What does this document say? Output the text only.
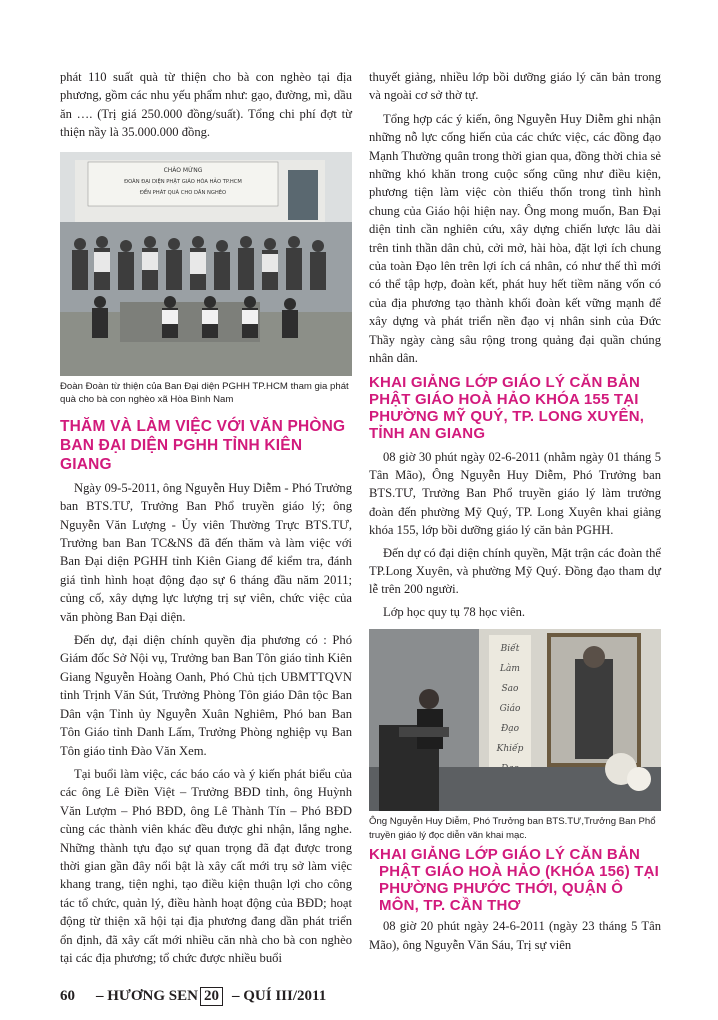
phát 110 suất quà từ thiện cho bà con nghèo tại địa phương, gồm các nhu yếu phẩm như: gạo, đường, mì, dầu ăn …. (Trị giá 250.000 đồng/suất). Tổng chi phí đợt từ thiện nầy là 35.000.000 đồng.

CHÀO MỪNG
ĐOÀN ĐẠI DIỆN PHẬT GIÁO HÒA HẢO TP.HCM
ĐẾN PHÁT QUÀ CHO DÂN NGHÈO

Đoàn Đoàn từ thiện của Ban Đại diện PGHH TP.HCM tham gia phát quà cho bà con nghèo xã Hòa Bình Nam

THĂM VÀ LÀM VIỆC VỚI VĂN PHÒNG BAN ĐẠI DIỆN PGHH TỈNH KIÊN GIANG

Ngày 09-5-2011, ông Nguyễn Huy Diễm - Phó Trưởng ban BTS.TƯ, Trưởng Ban Phổ truyền giáo lý; ông Nguyễn Văn Lượng - Ủy viên Thường Trực BTS.TƯ, Trưởng ban Ban TC&NS đã đến thăm và làm việc với Ban Đại diện PGHH tỉnh Kiên Giang để kiểm tra, đánh giá tình hình hoạt động đạo sự 6 tháng đầu năm 2011; củng cố, xây dựng lực lượng trị sự viên, chức việc của văn phòng Ban Đại diện.

Đến dự, đại diện chính quyền địa phương có : Phó Giám đốc Sở Nội vụ, Trưởng ban Ban Tôn giáo tỉnh Kiên Giang Nguyễn Hoàng Oanh, Phó Chủ tịch UBMTTQVN tỉnh Trịnh Văn Sút, Trưởng Phòng Tôn giáo Dân tộc Ban Dân vận Tỉnh ủy Nguyễn Xuân Nghiêm, Phó ban Ban Tôn Giáo tỉnh Danh Lấm, Trưởng Phòng nghiệp vụ Ban Tôn giáo tỉnh Đào Văn Xem.

Tại buổi làm việc, các báo cáo và ý kiến phát biểu của các ông Lê Điền Việt – Trưởng BĐD tỉnh, ông Huỳnh Văn Lượm – Phó BĐD, ông Lê Thành Tín – Phó BĐD cùng các thành viên khác đều được ghi nhận, lắng nghe. Những thành tựu đạo sự quan trọng đã đạt được trong thời gian gần đây nổi bật là xây cất mới trụ sở làm việc khang trang, tiện nghi, tạo điều kiện thuận lợi cho công tác tổ chức, quản lý, điều hành hoạt động của BĐD; hoạt động từ thiện xã hội tại địa phương đang dần phát triển ổn định, đã xây cất mới nhiều căn nhà cho bà con nghèo tại các địa phương; tổ chức được nhiều buổi

thuyết giảng, nhiều lớp bồi dưỡng giáo lý căn bản trong và ngoài cơ sở thờ tự.

Tổng hợp các ý kiến, ông Nguyễn Huy Diễm ghi nhận những nỗ lực cống hiến của các chức việc, các đồng đạo Mạnh Thường quân trong thời gian qua, đồng thời chia sẻ những khó khăn trong cuộc sống cũng như điều kiện, phương tiện làm việc còn thiếu thốn trong tình hình chung của Giáo hội hiện nay. Ông mong muốn, Ban Đại diện tỉnh cần nghiên cứu, xây dựng chiến lược lâu dài trên tinh thần dân chủ, cởi mở, hài hòa, đặt lợi ích chung của toàn Đạo lên trên lợi ích cá nhân, có như thế thì mới có thể tập hợp, đoàn kết, phát huy hết tiềm năng vốn có của địa phương tạo thành khối đoàn kết vững mạnh để xây dựng và phát triển nền đạo vị nhân sinh của Đức Thầy ngày càng sâu rộng trong quảng đại quần chúng nhân dân.

KHAI GIẢNG LỚP GIÁO LÝ CĂN BẢN PHẬT GIÁO HOÀ HẢO KHÓA 155 TẠI PHƯỜNG MỸ QUÝ, TP. LONG XUYÊN, TỈNH AN GIANG

08 giờ 30 phút ngày 02-6-2011 (nhằm ngày 01 tháng 5 Tân Mão), Ông Nguyễn Huy Diễm, Phó Trưởng ban BTS.TƯ, Trưởng Ban Phổ truyền giáo lý làm trưởng đoàn đến phường Mỹ Quý, TP. Long Xuyên khai giảng khóa 155, lớp bồi dưỡng giáo lý căn bản PGHH.

Đến dự có đại diện chính quyền, Mặt trận các đoàn thể TP.Long Xuyên, và phường Mỹ Quý. Đồng đạo tham dự lễ trên 200 người.

Lớp học quy tụ 78 học viên.

Biết
Làm
Sao
Giáo
Đạo
Khiếp

Ông Nguyễn Huy Diễm, Phó Trưởng ban BTS.TƯ,Trưởng Ban Phổ truyền giáo lý đọc diễn văn khai mạc.

KHAI GIẢNG LỚP GIÁO LÝ CĂN BẢN PHẬT GIÁO HOÀ HẢO (KHÓA 156) TẠI PHƯỜNG PHƯỚC THỚI, QUẬN Ô MÔN, TP. CẦN THƠ

08 giờ 20 phút ngày 24-6-2011 (ngày 23 tháng 5 Tân Mão), ông Nguyễn Văn Sáu, Trị sự viên

60 – HƯƠNG SEN 20 – QUÍ III/2011
